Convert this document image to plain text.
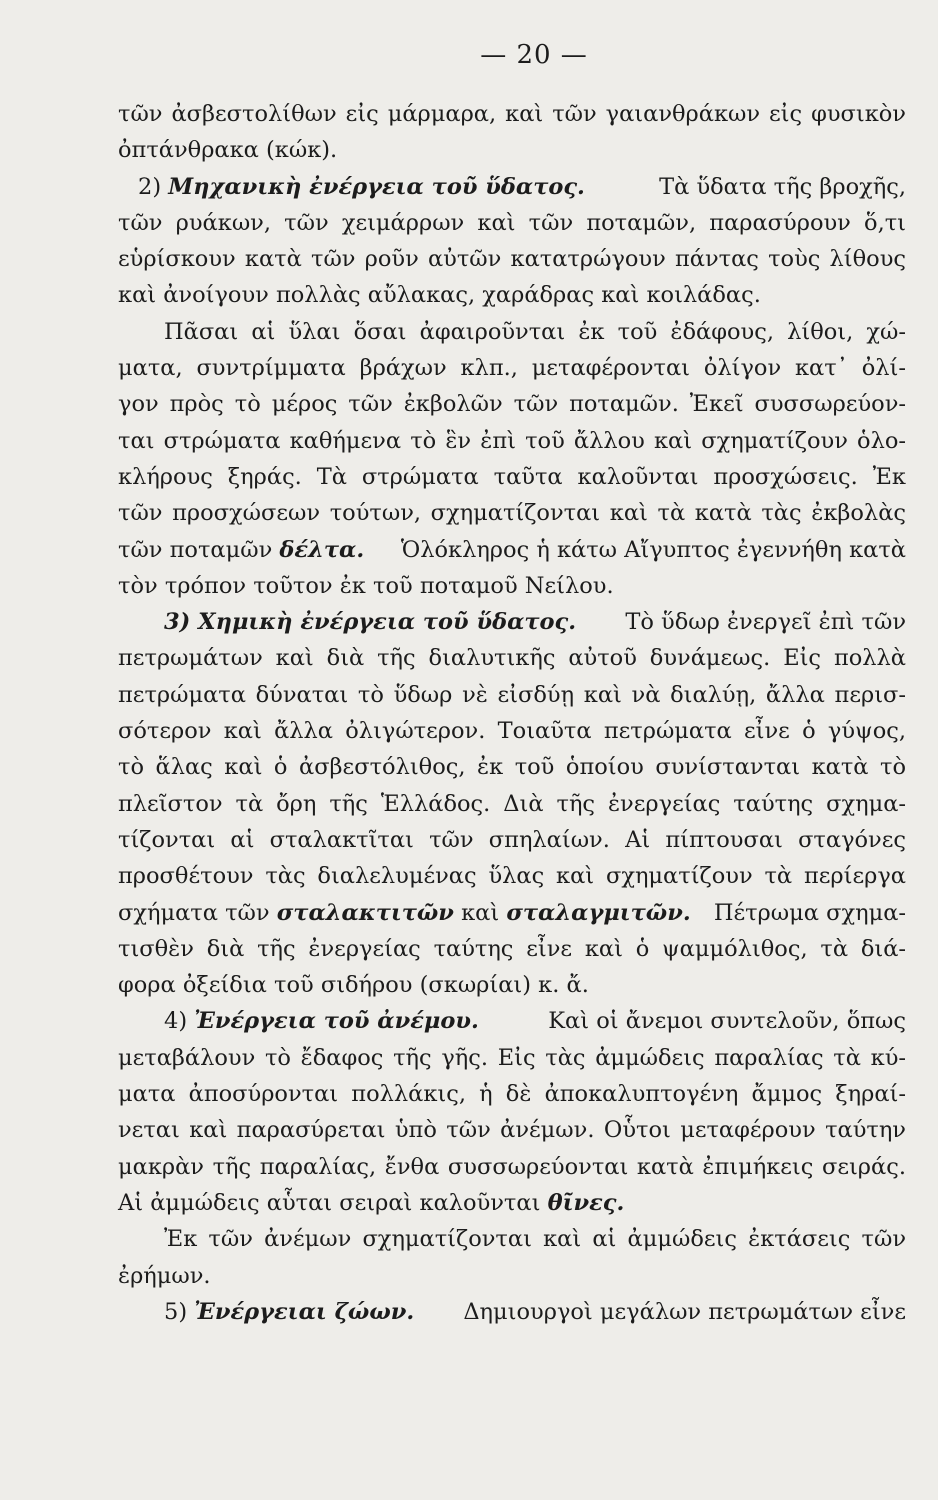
— 20 —
τῶν ἀσβεστολίθων εἰς μάρμαρα, καὶ τῶν γαιανθράκων εἰς φυσικὸν
ὀπτάνθρακα (κώκ).
2)
Μηχανικὴ ἐνέργεια τοῦ ὕδατος.
	Τὰ ὕδατα τῆς βροχῆς,
τῶν ρυάκων, τῶν χειμάρρων καὶ τῶν ποταμῶν, παρασύρουν ὅ,τι
εὑρίσκουν κατὰ τῶν ροῦν αὐτῶν κατατρώγουν πάντας τοὺς λίθους
καὶ ἀνοίγουν πολλὰς αὔλακας, χαράδρας καὶ κοιλάδας.
Πᾶσαι αἱ ὕλαι ὅσαι ἀφαιροῦνται ἐκ τοῦ ἐδάφους, λίθοι, χώ-
ματα, συντρίμματα βράχων κλπ., μεταφέρονται ὀλίγον κατ᾿ ὀλί-
γον πρὸς τὸ μέρος τῶν ἐκβολῶν τῶν ποταμῶν. Ἐκεῖ συσσωρεύον-
ται στρώματα καθήμενα τὸ ἓν ἐπὶ τοῦ ἄλλου καὶ σχηματίζουν ὁλο-
κλήρους ξηράς. Τὰ στρώματα ταῦτα καλοῦνται προσχώσεις. Ἐκ
τῶν προσχώσεων τούτων, σχηματίζονται καὶ τὰ κατὰ τὰς ἐκβολὰς
τῶν ποταμῶν
δέλτα.
Ὁλόκληρος ἡ κάτω Αἴγυπτος ἐγεννήθη κατὰ
τὸν τρόπον τοῦτον ἐκ τοῦ ποταμοῦ Νείλου.
3) Χημικὴ ἐνέργεια τοῦ ὕδατος.
Τὸ ὕδωρ ἐνεργεῖ ἐπὶ τῶν
πετρωμάτων καὶ διὰ τῆς διαλυτικῆς αὐτοῦ δυνάμεως. Εἰς πολλὰ
πετρώματα δύναται τὸ ὕδωρ νὲ εἰσδύῃ καὶ νὰ διαλύῃ, ἄλλα περισ-
σότερον καὶ ἄλλα ὀλιγώτερον. Τοιαῦτα πετρώματα εἶνε ὁ γύψος,
τὸ ἅλας καὶ ὁ ἀσβεστόλιθος, ἐκ τοῦ ὁποίου συνίστανται κατὰ τὸ
πλεῖστον τὰ ὄρη τῆς Ἑλλάδος. Διὰ τῆς ἐνεργείας ταύτης σχημα-
τίζονται αἱ σταλακτῖται τῶν σπηλαίων. Αἱ πίπτουσαι σταγόνες
προσθέτουν τὰς διαλελυμένας ὕλας καὶ σχηματίζουν τὰ περίεργα
σχήματα τῶν
σταλακτιτῶν
καὶ
σταλαγμιτῶν.
Πέτρωμα σχημα-
τισθὲν διὰ τῆς ἐνεργείας ταύτης εἶνε καὶ ὁ ψαμμόλιθος, τὰ διά-
φορα ὀξείδια τοῦ σιδήρου (σκωρίαι) κ. ἄ.
4)
Ἐνέργεια τοῦ ἀνέμου.
	Καὶ οἱ ἄνεμοι συντελοῦν, ὅπως
μεταβάλουν τὸ ἔδαφος τῆς γῆς. Εἰς τὰς ἀμμώδεις παραλίας τὰ κύ-
ματα ἀποσύρονται πολλάκις, ἡ δὲ ἀποκαλυπτογένη ἄμμος ξηραί-
νεται καὶ παρασύρεται ὑπὸ τῶν ἀνέμων. Οὗτοι μεταφέρουν ταύτην
μακρὰν τῆς παραλίας, ἔνθα συσσωρεύονται κατὰ ἐπιμήκεις σειράς.
Αἱ ἀμμώδεις αὗται σειραὶ καλοῦνται
θῖνες.
Ἐκ τῶν ἀνέμων σχηματίζονται καὶ αἱ ἀμμώδεις ἐκτάσεις τῶν
ἐρήμων.
5)
Ἐνέργειαι ζώων.
Δημιουργοὶ μεγάλων πετρωμάτων εἶνε
